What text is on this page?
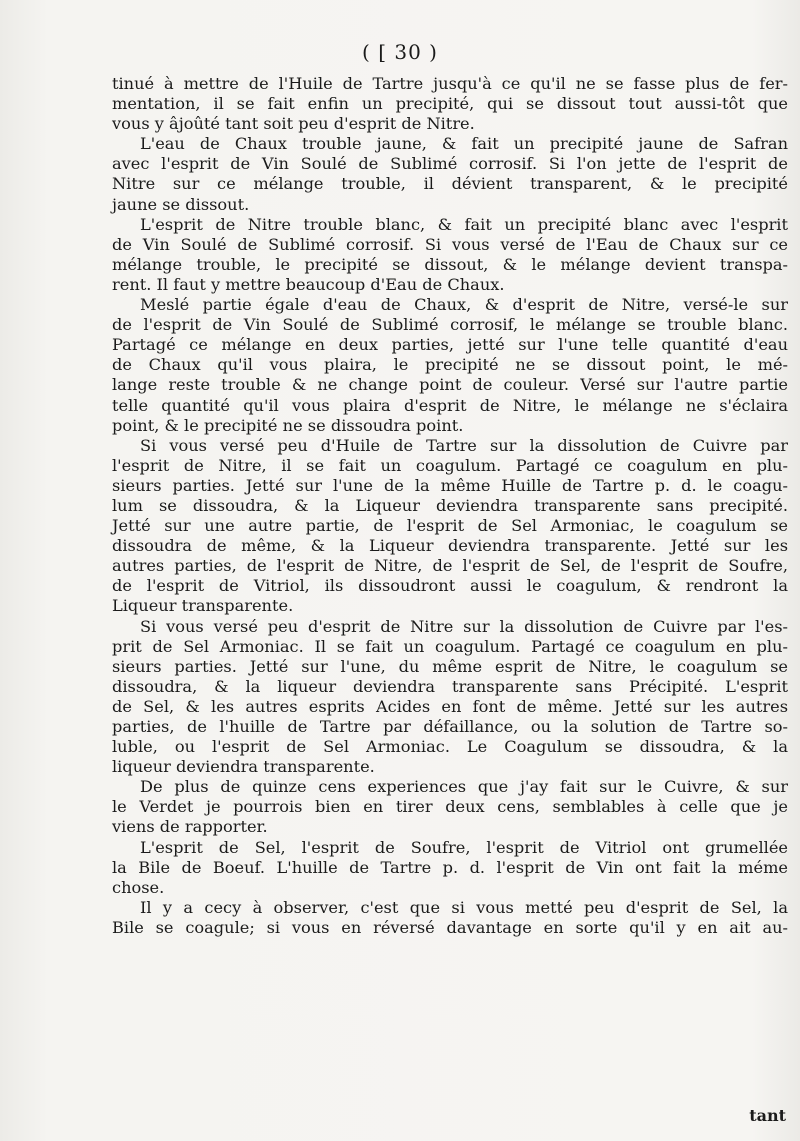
( [ 30 )
tinué à mettre de l'Huile de Tartre jusqu'à ce qu'il ne se fasse plus de fer-
mentation, il se fait enfin un precipité, qui se dissout tout aussi-tôt que
vous y âjoûté tant soit peu d'esprit de Nitre.
L'eau de Chaux trouble jaune, & fait un precipité jaune de Safran
avec l'esprit de Vin Soulé de Sublimé corrosif. Si l'on jette de l'esprit de
Nitre sur ce mélange trouble, il dévient transparent, & le precipité
jaune se dissout.
L'esprit de Nitre trouble blanc, & fait un precipité blanc avec l'esprit
de Vin Soulé de Sublimé corrosif. Si vous versé de l'Eau de Chaux sur ce
mélange trouble, le precipité se dissout, & le mélange devient transpa-
rent. Il faut y mettre beaucoup d'Eau de Chaux.
Meslé partie égale d'eau de Chaux, & d'esprit de Nitre, versé-le sur
de l'esprit de Vin Soulé de Sublimé corrosif, le mélange se trouble blanc.
Partagé ce mélange en deux parties, jetté sur l'une telle quantité d'eau
de Chaux qu'il vous plaira, le precipité ne se dissout point, le mé-
lange reste trouble & ne change point de couleur. Versé sur l'autre partie
telle quantité qu'il vous plaira d'esprit de Nitre, le mélange ne s'éclaira
point, & le precipité ne se dissoudra point.
Si vous versé peu d'Huile de Tartre sur la dissolution de Cuivre par
l'esprit de Nitre, il se fait un coagulum. Partagé ce coagulum en plu-
sieurs parties. Jetté sur l'une de la même Huille de Tartre p. d. le coagu-
lum se dissoudra, & la Liqueur deviendra transparente sans precipité.
Jetté sur une autre partie, de l'esprit de Sel Armoniac, le coagulum se
dissoudra de même, & la Liqueur deviendra transparente. Jetté sur les
autres parties, de l'esprit de Nitre, de l'esprit de Sel, de l'esprit de Soufre,
de l'esprit de Vitriol, ils dissoudront aussi le coagulum, & rendront la
Liqueur transparente.
Si vous versé peu d'esprit de Nitre sur la dissolution de Cuivre par l'es-
prit de Sel Armoniac. Il se fait un coagulum. Partagé ce coagulum en plu-
sieurs parties. Jetté sur l'une, du même esprit de Nitre, le coagulum se
dissoudra, & la liqueur deviendra transparente sans Précipité. L'esprit
de Sel, & les autres esprits Acides en font de même. Jetté sur les autres
parties, de l'huille de Tartre par défaillance, ou la solution de Tartre so-
luble, ou l'esprit de Sel Armoniac. Le Coagulum se dissoudra, & la
liqueur deviendra transparente.
De plus de quinze cens experiences que j'ay fait sur le Cuivre, & sur
le Verdet je pourrois bien en tirer deux cens, semblables à celle que je
viens de rapporter.
L'esprit de Sel, l'esprit de Soufre, l'esprit de Vitriol ont grumellée
la Bile de Boeuf. L'huille de Tartre p. d. l'esprit de Vin ont fait la méme
chose.
Il y a cecy à observer, c'est que si vous metté peu d'esprit de Sel, la
Bile se coagule; si vous en réversé davantage en sorte qu'il y en ait au-
tant
